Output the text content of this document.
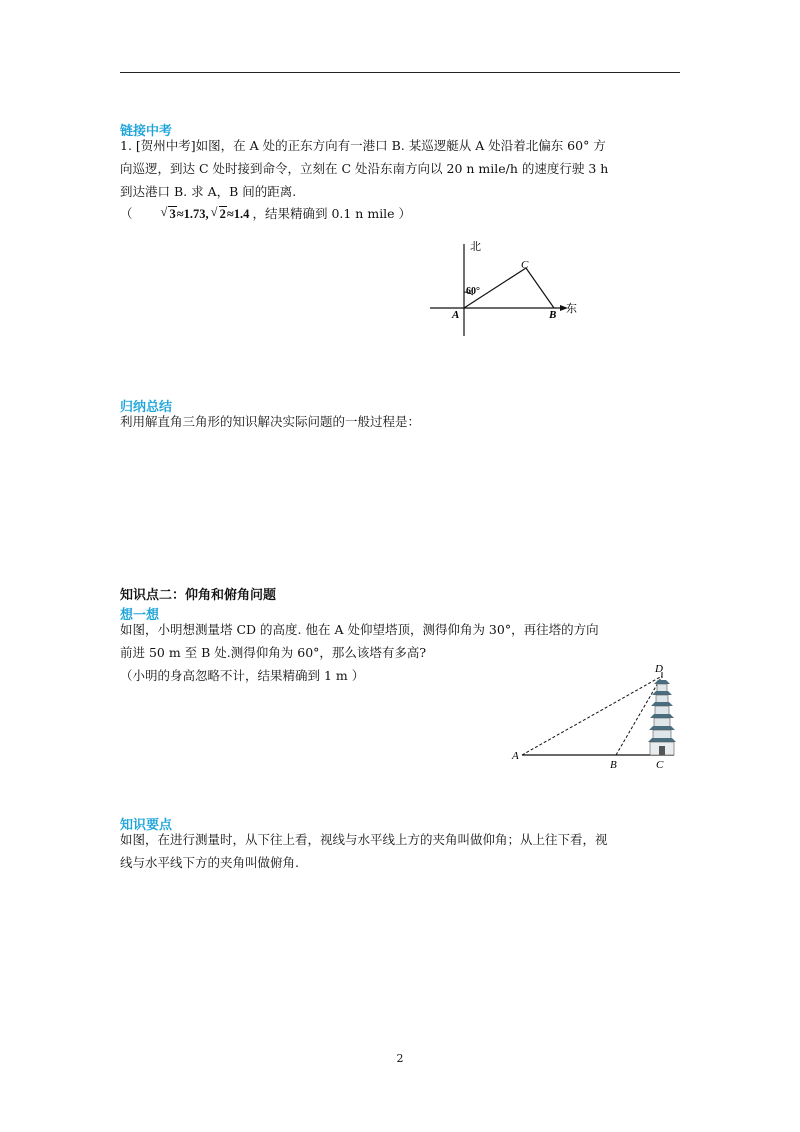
链接中考
1. [贺州中考]如图，在 A 处的正东方向有一港口 B. 某巡逻艇从 A 处沿着北偏东 60° 方
向巡逻，到达 C 处时接到命令，立刻在 C 处沿东南方向以 20 n mile/h 的速度行驶 3 h
到达港口 B. 求 A，B 间的距离.
（ √ 3≈1.73, √ 2≈1.4 ，结果精确到 0.1 n mile ）
北
东
60°
A	B
C
归纳总结
利用解直角三角形的知识解决实际问题的一般过程是：
知识点二：仰角和俯角问题
想一想
如图，小明想测量塔 CD 的高度. 他在 A 处仰望塔顶，测得仰角为 30°，再往塔的方向
前进 50 m 至 B 处.测得仰角为 60°，那么该塔有多高?
（小明的身高忽略不计，结果精确到 1 m ）
A
B	C
D
知识要点
如图，在进行测量时，从下往上看，视线与水平线上方的夹角叫做仰角；从上往下看，视
线与水平线下方的夹角叫做俯角.
2
